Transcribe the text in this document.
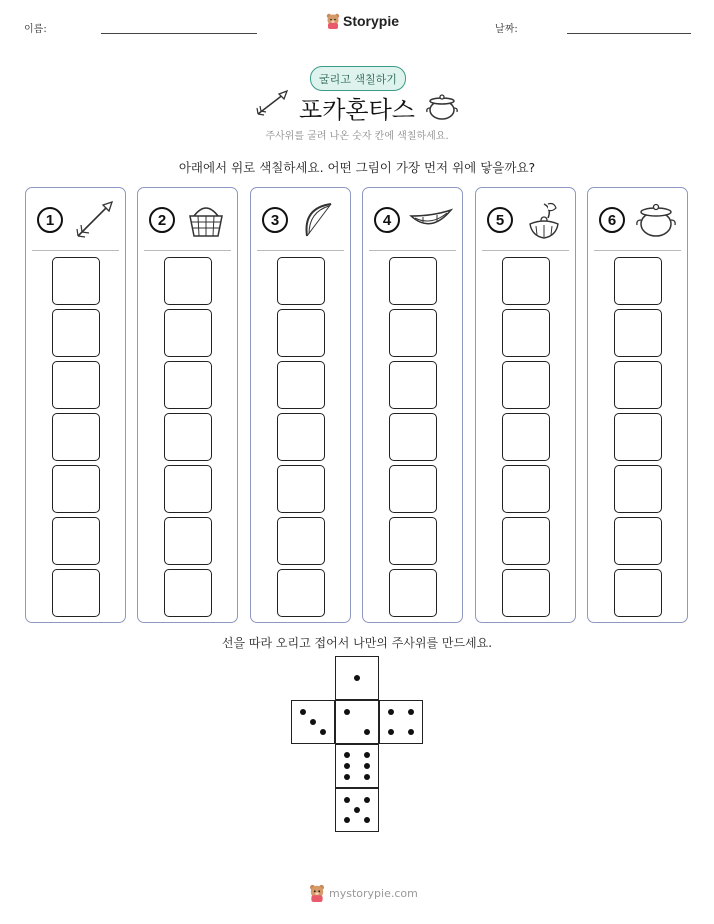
이름:	날짜:
Storypie
굴리고 색칠하기
포카혼타스
주사위를 굴려 나온 숫자 칸에 색칠하세요.
아래에서 위로 색칠하세요. 어떤 그림이 가장 먼저 위에 닿을까요?
1	2	3	4	5	6
선을 따라 오리고 접어서 나만의 주사위를 만드세요.
mystorypie.com
